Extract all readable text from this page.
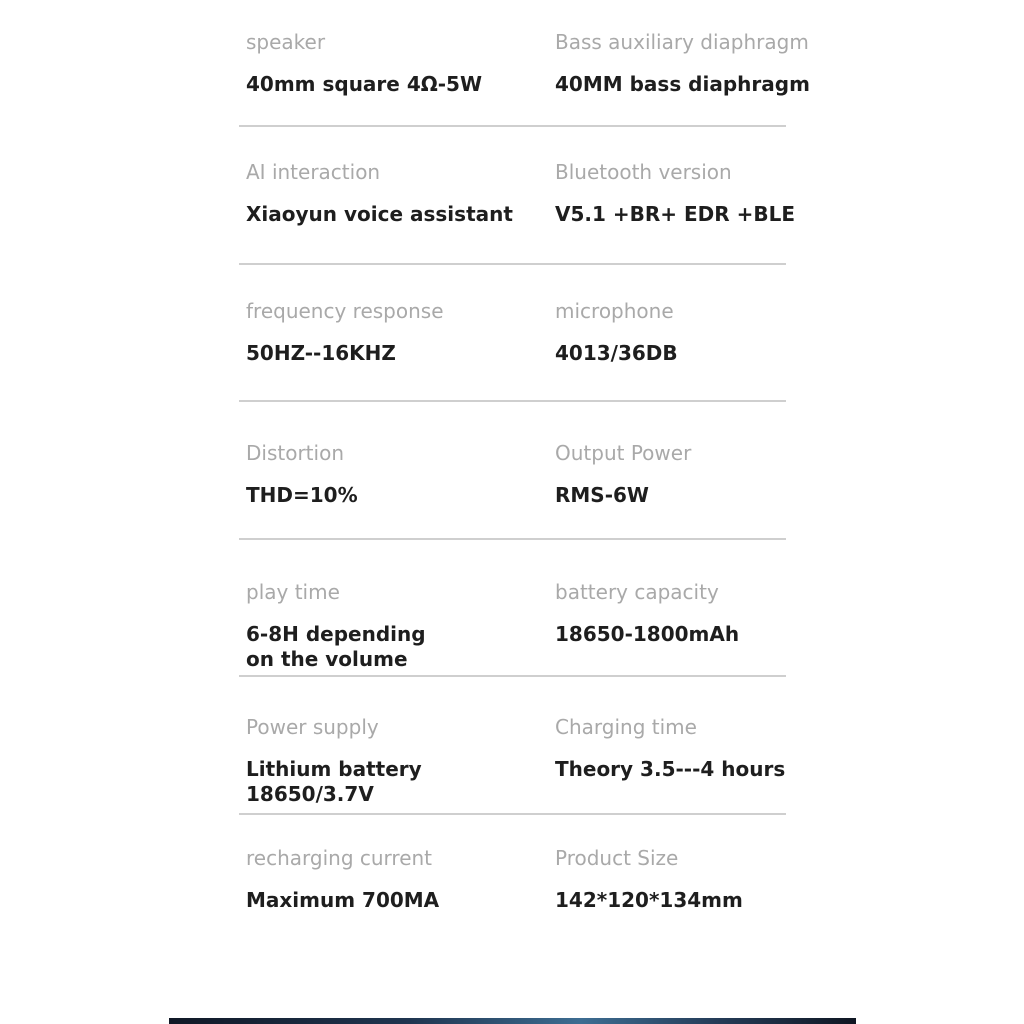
speaker
40mm square 4Ω-5W
Bass auxiliary diaphragm
40MM bass diaphragm
AI interaction
Xiaoyun voice assistant
Bluetooth version
V5.1 +BR+ EDR +BLE
frequency response
50HZ--16KHZ
microphone
4013/36DB
Distortion
THD=10%
Output Power
RMS-6W
play time
6-8H depending
on the volume
battery capacity
18650-1800mAh
Power supply
Lithium battery 18650/3.7V
Charging time
Theory 3.5---4 hours
recharging current
Maximum 700MA
Product Size
142*120*134mm
